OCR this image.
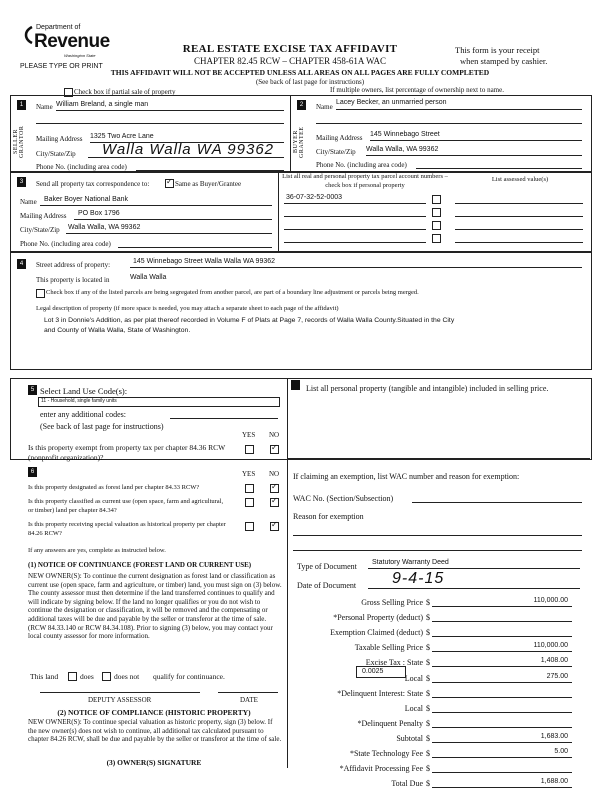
Department of
Revenue
Washington State
PLEASE TYPE OR PRINT
REAL ESTATE EXCISE TAX AFFIDAVIT
CHAPTER 82.45 RCW – CHAPTER 458-61A WAC
This form is your receipt
when stamped by cashier.
THIS AFFIDAVIT WILL NOT BE ACCEPTED UNLESS ALL AREAS ON ALL PAGES ARE FULLY COMPLETED
(See back of last page for instructions)
Check box if partial sale of property	If multiple owners, list percentage of ownership next to name.
1
SELLER GRANTOR
Name William Breland, a single man
Mailing Address 1325 Two Acre Lane
City/State/Zip Walla Walla WA 99362
Phone No. (including area code)
2
BUYER GRANTEE
Name
Lacey Becker, an unmarried person
Mailing Address 145 Winnebago Street
City/State/Zip Walla Walla, WA 99362
Phone No. (including area code)
3	Send all property tax correspondence to:
✓	Same as Buyer/Grantee
Name Baker Boyer National Bank
Mailing Address PO Box 1796
City/State/Zip Walla Walla, WA 99362
Phone No. (including area code)
List all real and personal property tax parcel account numbers – check box if personal property
List assessed value(s)
36-07-32-52-0003
4	Street address of property:	145 Winnebago Street Walla Walla WA 99362
This property is located in	Walla Walla
Check box if any of the listed parcels are being segregated from another parcel, are part of a boundary line adjustment or parcels being merged.
Legal description of property (if more space is needed, you may attach a separate sheet to each page of the affidavit)
Lot 3 in Donnie's Addition, as per plat thereof recorded in Volume F of Plats at Page 7, records of Walla Walla County.Situated in the City
and County of Walla Walla, State of Washington.
5 Select Land Use Code(s):
11 - Household, single family units
enter any additional codes:
(See back of last page for instructions)
YES NO
Is this property exempt from property tax per chapter 84.36 RCW (nonprofit organization)?
✓
List all personal property (tangible and intangible) included in selling price.
6	YES NO
Is this property designated as forest land per chapter 84.33 RCW?
✓
Is this property classified as current use (open space, farm and agricultural, or timber) land per chapter 84.34?
✓
Is this property receiving special valuation as historical property per chapter 84.26 RCW?
✓
If any answers are yes, complete as instructed below.
(1) NOTICE OF CONTINUANCE (FOREST LAND OR CURRENT USE)
NEW OWNER(S): To continue the current designation as forest land or classification as current use (open space, farm and agriculture, or timber) land, you must sign on (3) below. The county assessor must then determine if the land transferred continues to qualify and will indicate by signing below. If the land no longer qualifies or you do not wish to continue the designation or classification, it will be removed and the compensating or additional taxes will be due and payable by the seller or transferor at the time of sale. (RCW 84.33.140 or RCW 84.34.108). Prior to signing (3) below, you may contact your local county assessor for more information.
This land	does	does not qualify for continuance.
DEPUTY ASSESSOR	DATE
(2) NOTICE OF COMPLIANCE (HISTORIC PROPERTY)
NEW OWNER(S): To continue special valuation as historic property, sign (3) below. If the new owner(s) does not wish to continue, all additional tax calculated pursuant to chapter 84.26 RCW, shall be due and payable by the seller or transferor at the time of sale.
(3) OWNER(S) SIGNATURE
If claiming an exemption, list WAC number and reason for exemption:
WAC No. (Section/Subsection)
Reason for exemption
Type of Document Statutory Warranty Deed
Date of Document 9-4-15
Gross Selling Price $	110,000.00
*Personal Property (deduct) $
Exemption Claimed (deduct) $
Taxable Selling Price $	110,000.00
Excise Tax : State $	1,408.00
Local $	275.00
*Delinquent Interest: State $
Local $
*Delinquent Penalty $
Subtotal $	1,683.00
*State Technology Fee $	5.00
*Affidavit Processing Fee $
Total Due $	1,688.00
0.0025
